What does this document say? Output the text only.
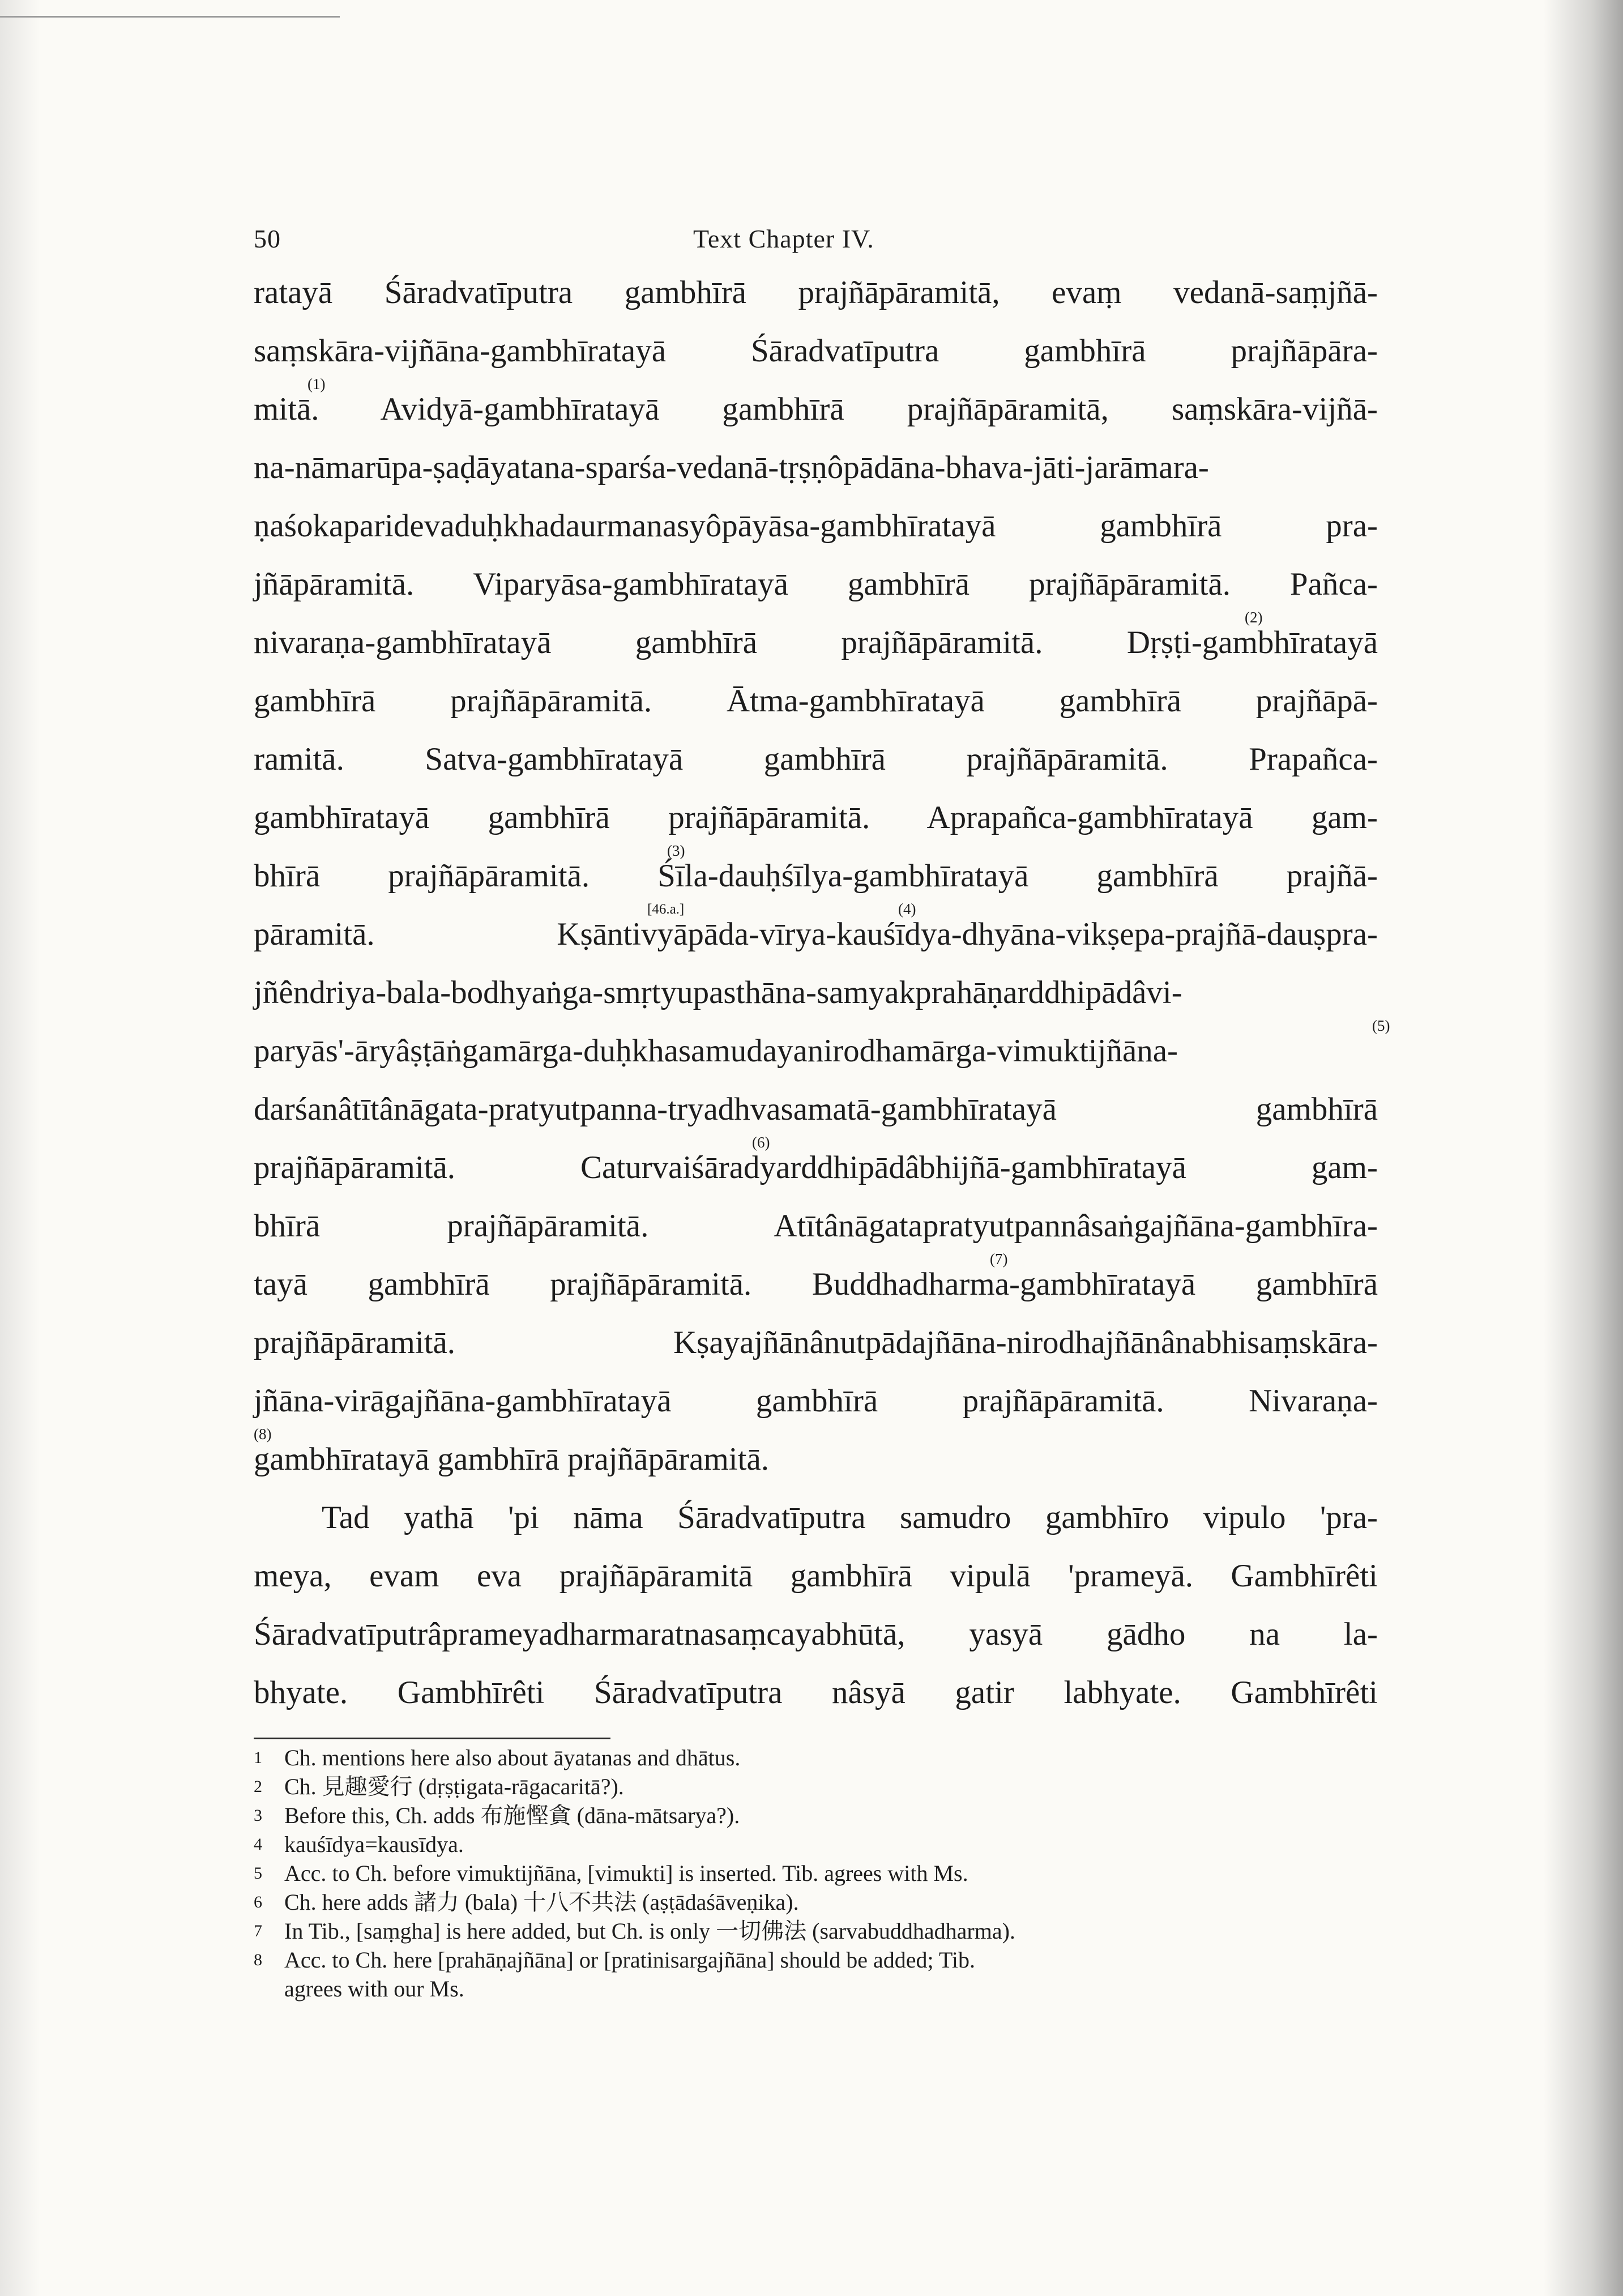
50	Text Chapter IV.
ratayā Śāradvatīputra gambhīrā prajñāpāramitā, evaṃ vedanā-saṃjñā-
saṃskāra-vijñāna-gambhīratayā Śāradvatīputra gambhīrā prajñāpāra-
(1)
mitā. Avidyā-gambhīratayā gambhīrā prajñāpāramitā, saṃskāra-vijñā-
na-nāmarūpa-ṣaḍāyatana-sparśa-vedanā-tṛṣṇôpādāna-bhava-jāti-jarāmara-
ṇaśokaparidevaduḥkhadaurmanasyôpāyāsa-gambhīratayā gambhīrā pra-
jñāpāramitā. Viparyāsa-gambhīratayā gambhīrā prajñāpāramitā. Pañca-
(2)
nivaraṇa-gambhīratayā gambhīrā prajñāpāramitā. Dṛṣṭi-gambhīratayā
gambhīrā prajñāpāramitā. Ātma-gambhīratayā gambhīrā prajñāpā-
ramitā. Satva-gambhīratayā gambhīrā prajñāpāramitā. Prapañca-
gambhīratayā gambhīrā prajñāpāramitā. Aprapañca-gambhīratayā gam-
(3)
bhīrā prajñāpāramitā. Śīla-dauḥśīlya-gambhīratayā gambhīrā prajñā-
[46.a.]	(4)
pāramitā. Kṣāntivyāpāda-vīrya-kauśīdya-dhyāna-vikṣepa-prajñā-dauṣpra-
jñêndriya-bala-bodhyaṅga-smṛtyupasthāna-samyakprahāṇarddhipādâvi-
(5)
paryās'-āryâṣṭāṅgamārga-duḥkhasamudayanirodhamārga-vimuktijñāna-
darśanâtītânāgata-pratyutpanna-tryadhvasamatā-gambhīratayā gambhīrā
(6)
prajñāpāramitā. Caturvaiśāradyarddhipādâbhijñā-gambhīratayā gam-
bhīrā prajñāpāramitā. Atītânāgatapratyutpannâsaṅgajñāna-gambhīra-
(7)
tayā gambhīrā prajñāpāramitā. Buddhadharma-gambhīratayā gambhīrā
prajñāpāramitā. Kṣayajñānânutpādajñāna-nirodhajñānânabhisaṃskāra-
jñāna-virāgajñāna-gambhīratayā gambhīrā prajñāpāramitā. Nivaraṇa-
(8)
gambhīratayā gambhīrā prajñāpāramitā.
Tad yathā 'pi nāma Śāradvatīputra samudro gambhīro vipulo 'pra-
meya, evam eva prajñāpāramitā gambhīrā vipulā 'prameyā. Gambhīrêti
Śāradvatīputrâprameyadharmaratnasaṃcayabhūtā, yasyā gādho na la-
bhyate. Gambhīrêti Śāradvatīputra nâsyā gatir labhyate. Gambhīrêti
1 Ch. mentions here also about āyatanas and dhātus.
2 Ch. 見趣愛行 (dṛṣṭigata-rāgacaritā?).
3 Before this, Ch. adds 布施慳貪 (dāna-mātsarya?).
4 kauśīdya=kausīdya.
5 Acc. to Ch. before vimuktijñāna, [vimukti] is inserted. Tib. agrees with Ms.
6 Ch. here adds 諸力 (bala) 十八不共法 (aṣṭādaśāveṇika).
7 In Tib., [saṃgha] is here added, but Ch. is only 一切佛法 (sarvabuddhadharma).
8 Acc. to Ch. here [prahāṇajñāna] or [pratinisargajñāna] should be added; Tib.
agrees with our Ms.
